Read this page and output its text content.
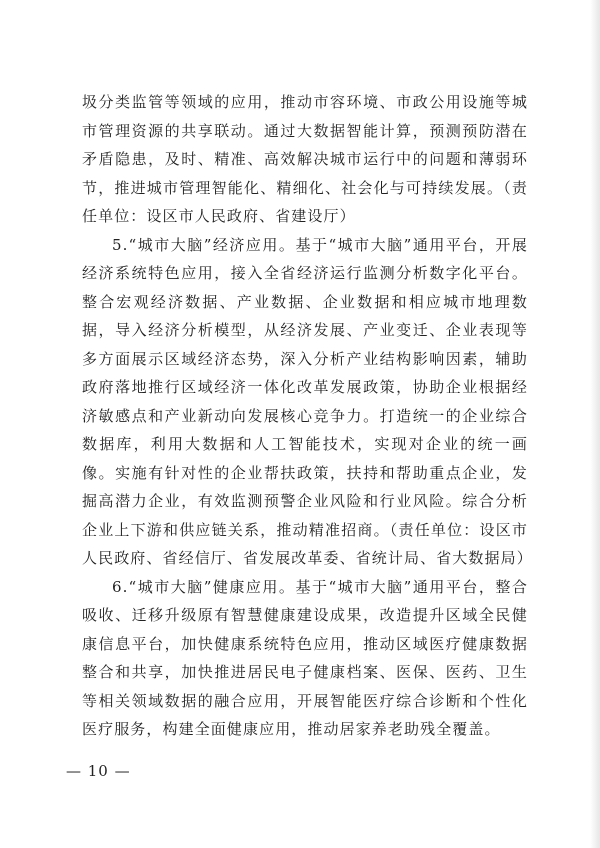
圾分类监管等领域的应用，推动市容环境、市政公用设施等城市管理资源的共享联动。通过大数据智能计算，预测预防潜在矛盾隐患，及时、精准、高效解决城市运行中的问题和薄弱环节，推进城市管理智能化、精细化、社会化与可持续发展。（责任单位：设区市人民政府、省建设厅）

5.“城市大脑”经济应用。基于“城市大脑”通用平台，开展经济系统特色应用，接入全省经济运行监测分析数字化平台。整合宏观经济数据、产业数据、企业数据和相应城市地理数据，导入经济分析模型，从经济发展、产业变迁、企业表现等多方面展示区域经济态势，深入分析产业结构影响因素，辅助政府落地推行区域经济一体化改革发展政策，协助企业根据经济敏感点和产业新动向发展核心竞争力。打造统一的企业综合数据库，利用大数据和人工智能技术，实现对企业的统一画像。实施有针对性的企业帮扶政策，扶持和帮助重点企业，发掘高潜力企业，有效监测预警企业风险和行业风险。综合分析企业上下游和供应链关系，推动精准招商。（责任单位：设区市人民政府、省经信厅、省发展改革委、省统计局、省大数据局）

6.“城市大脑”健康应用。基于“城市大脑”通用平台，整合吸收、迁移升级原有智慧健康建设成果，改造提升区域全民健康信息平台，加快健康系统特色应用，推动区域医疗健康数据整合和共享，加快推进居民电子健康档案、医保、医药、卫生等相关领域数据的融合应用，开展智能医疗综合诊断和个性化医疗服务，构建全面健康应用，推动居家养老助残全覆盖。

— 10 —
